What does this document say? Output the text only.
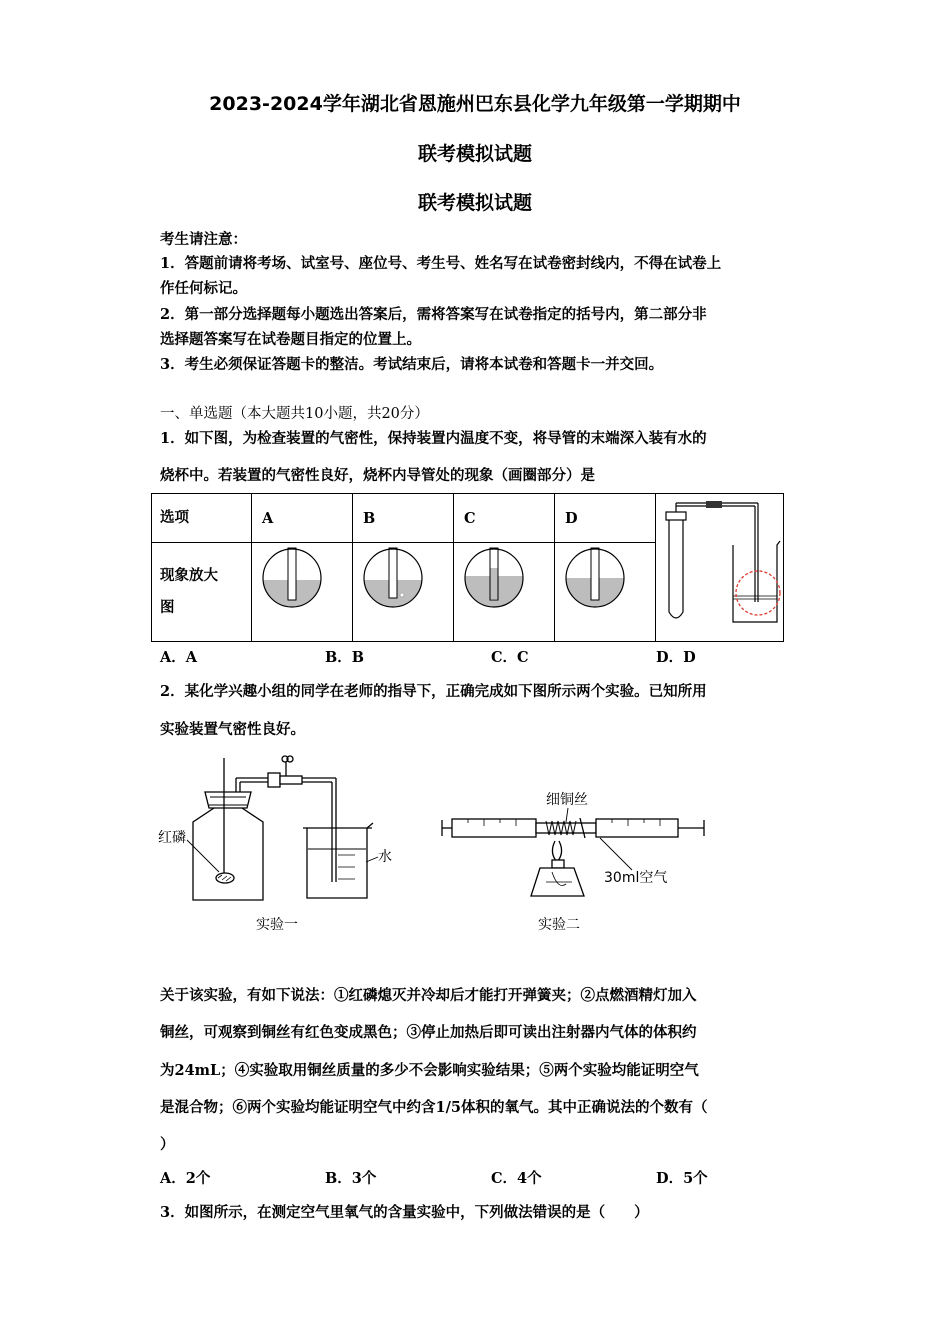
2023-2024学年湖北省恩施州巴东县化学九年级第一学期期中
联考模拟试题
联考模拟试题
考生请注意：
1．答题前请将考场、试室号、座位号、考生号、姓名写在试卷密封线内，不得在试卷上
作任何标记。
2．第一部分选择题每小题选出答案后，需将答案写在试卷指定的括号内，第二部分非
选择题答案写在试卷题目指定的位置上。
3．考生必须保证答题卡的整洁。考试结束后，请将本试卷和答题卡一并交回。
一、单选题（本大题共10小题，共20分）
1．如下图，为检查装置的气密性，保持装置内温度不变，将导管的末端深入装有水的
烧杯中。若装置的气密性良好，烧杯内导管处的现象（画圈部分）是
选项	A	B	C	D	

现象放大
图					

A．A	B．B	C．C	D．D
2．某化学兴趣小组的同学在老师的指导下，正确完成如下图所示两个实验。已知所用
实验装置气密性良好。
红磷
水
实验一
细铜丝
30ml空气
实验二
关于该实验，有如下说法：①红磷熄灭并冷却后才能打开弹簧夹；②点燃酒精灯加入
铜丝，可观察到铜丝有红色变成黑色；③停止加热后即可读出注射器内气体的体积约
为24mL；④实验取用铜丝质量的多少不会影响实验结果；⑤两个实验均能证明空气
是混合物；⑥两个实验均能证明空气中约含1/5体积的氧气。其中正确说法的个数有（
）
A．2个	B．3个	C．4个	D．5个
3．如图所示，在测定空气里氧气的含量实验中，下列做法错误的是（　　）
